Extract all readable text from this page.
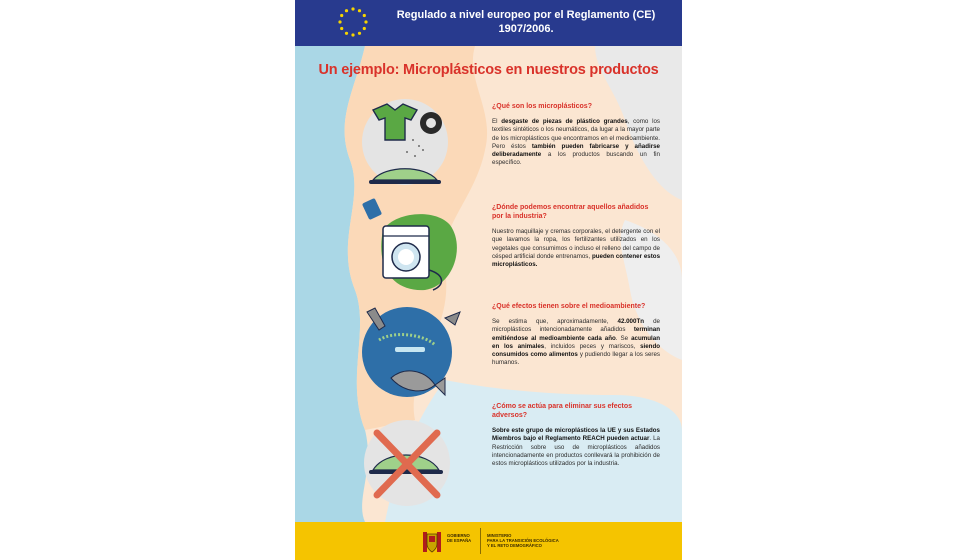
Regulado a nivel europeo por el Reglamento (CE)
1907/2006.
Un ejemplo: Microplásticos en nuestros productos

¿Qué son los microplásticos?

El desgaste de piezas de plástico grandes, como los textiles sintéticos o los neumáticos, da lugar a la mayor parte de los microplásticos que encontramos en el medioambiente. Pero éstos también pueden fabricarse y añadirse deliberadamente a los productos buscando un fin específico.

¿Dónde podemos encontrar aquellos añadidos por la industria?

Nuestro maquillaje y cremas corporales, el detergente con el que lavamos la ropa, los fertilizantes utilizados en los vegetales que consumimos o incluso el relleno del campo de césped artificial donde entrenamos, pueden contener estos microplásticos.

¿Qué efectos tienen sobre el medioambiente?

Se estima que, aproximadamente, 42.000Tn de microplásticos intencionadamente añadidos terminan emitiéndose al medioambiente cada año. Se acumulan en los animales, incluidos peces y mariscos, siendo consumidos como alimentos y pudiendo llegar a los seres humanos.

¿Cómo se actúa para eliminar sus efectos adversos?

Sobre este grupo de microplásticos la UE y sus Estados Miembros bajo el Reglamento REACH pueden actuar. La Restricción sobre uso de microplásticos añadidos intencionadamente en productos conllevará la prohibición de estos microplásticos utilizados por la industria.

GOBIERNO
DE ESPAÑA
MINISTERIO
PARA LA TRANSICIÓN ECOLÓGICA
Y EL RETO DEMOGRÁFICO
